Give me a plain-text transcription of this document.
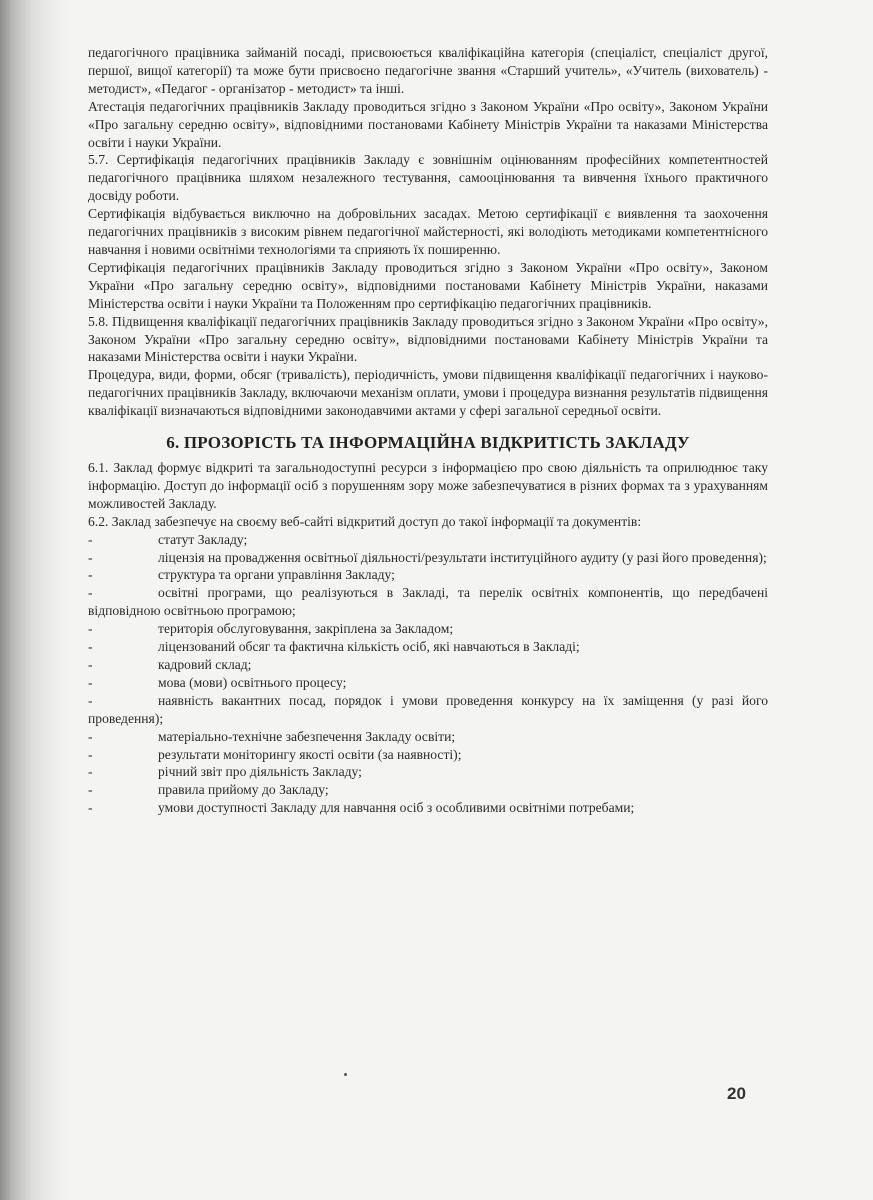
педагогічного працівника займаній посаді, присвоюється кваліфікаційна категорія (спеціаліст, спеціаліст другої, першої, вищої категорії) та може бути присвоєно педагогічне звання «Старший учитель», «Учитель (вихователь) - методист», «Педагог - організатор - методист» та інші.

Атестація педагогічних працівників Закладу проводиться згідно з Законом України «Про освіту», Законом України «Про загальну середню освіту», відповідними постановами Кабінету Міністрів України та наказами Міністерства освіти і науки України.

5.7. Сертифікація педагогічних працівників Закладу є зовнішнім оцінюванням професійних компетентностей педагогічного працівника шляхом незалежного тестування, самооцінювання та вивчення їхнього практичного досвіду роботи.

Сертифікація відбувається виключно на добровільних засадах. Метою сертифікації є виявлення та заохочення педагогічних працівників з високим рівнем педагогічної майстерності, які володіють методиками компетентнісного навчання і новими освітніми технологіями та сприяють їх поширенню.

Сертифікація педагогічних працівників Закладу проводиться згідно з Законом України «Про освіту», Законом України «Про загальну середню освіту», відповідними постановами Кабінету Міністрів України, наказами Міністерства освіти і науки України та Положенням про сертифікацію педагогічних працівників.

5.8. Підвищення кваліфікації педагогічних працівників Закладу проводиться згідно з Законом України «Про освіту», Законом України «Про загальну середню освіту», відповідними постановами Кабінету Міністрів України та наказами Міністерства освіти і науки України.

Процедура, види, форми, обсяг (тривалість), періодичність, умови підвищення кваліфікації педагогічних і науково-педагогічних працівників Закладу, включаючи механізм оплати, умови і процедура визнання результатів підвищення кваліфікації визначаються відповідними законодавчими актами у сфері загальної середньої освіти.

6. ПРОЗОРІСТЬ ТА ІНФОРМАЦІЙНА ВІДКРИТІСТЬ ЗАКЛАДУ

6.1. Заклад формує відкриті та загальнодоступні ресурси з інформацією про свою діяльність та оприлюднює таку інформацію. Доступ до інформації осіб з порушенням зору може забезпечуватися в різних формах та з урахуванням можливостей Закладу.

6.2. Заклад забезпечує на своєму веб-сайті відкритий доступ до такої інформації та документів:

-	статут Закладу;

-	ліцензія на провадження освітньої діяльності/результати інституційного аудиту (у разі його проведення);

-	структура та органи управління Закладу;

-	освітні програми, що реалізуються в Закладі, та перелік освітніх компонентів, що передбачені відповідною освітньою програмою;

-	територія обслуговування, закріплена за Закладом;

-	ліцензований обсяг та фактична кількість осіб, які навчаються в Закладі;

-	кадровий склад;

-	мова (мови) освітнього процесу;

-	наявність вакантних посад, порядок і умови проведення конкурсу на їх заміщення (у разі його проведення);

-	матеріально-технічне забезпечення Закладу освіти;

-	результати моніторингу якості освіти (за наявності);

-	річний звіт про діяльність Закладу;

-	правила прийому до Закладу;

-	умови доступності Закладу для навчання осіб з особливими освітніми потребами;

20
